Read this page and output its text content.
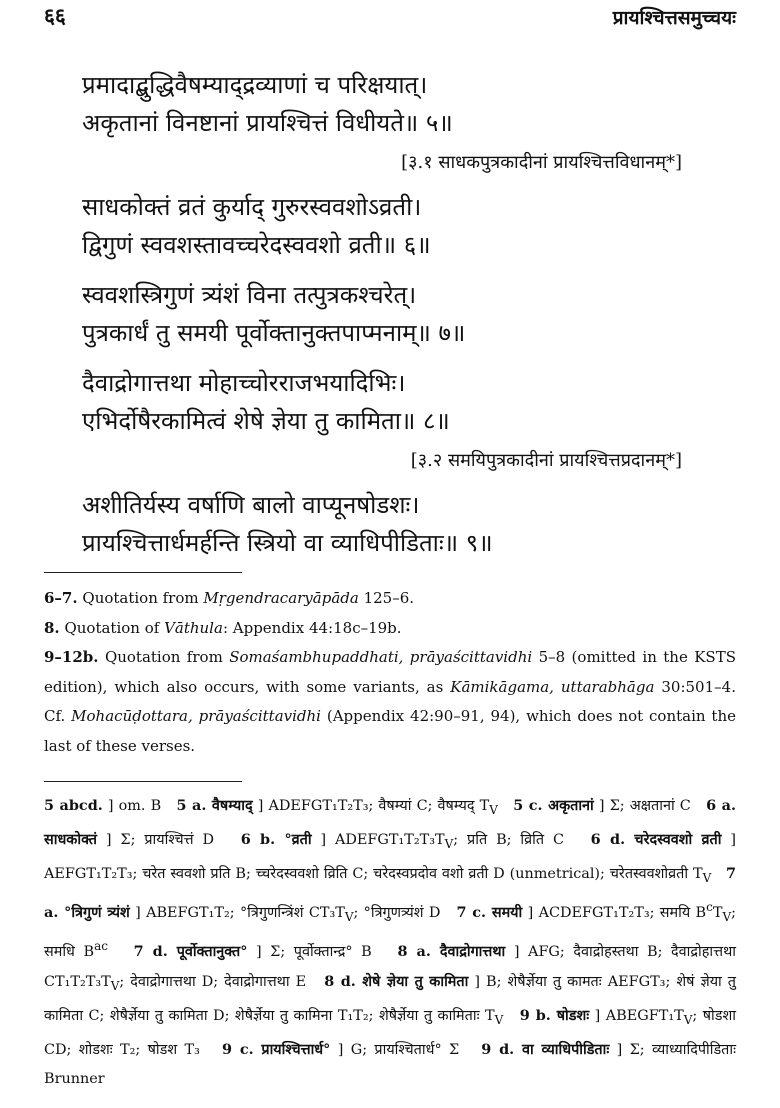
६६	प्रायश्चित्तसमुच्चयः
प्रमादाद्बुद्धिवैषम्याद्द्रव्याणां च परिक्षयात्।
अकृतानां विनष्टानां प्रायश्चित्तं विधीयते॥ ५॥
[३.१ साधकपुत्रकादीनां प्रायश्चित्तविधानम्*]
साधकोक्तं व्रतं कुर्याद् गुरुरस्ववशोऽव्रती।
द्विगुणं स्ववशस्तावच्चरेदस्ववशो व्रती॥ ६॥
स्ववशस्त्रिगुणं त्र्यंशं विना तत्पुत्रकश्चरेत्।
पुत्रकार्धं तु समयी पूर्वोक्तानुक्तपाप्मनाम्॥ ७॥
दैवाद्रोगात्तथा मोहाच्चोरराजभयादिभिः।
एभिर्दोषैरकामित्वं शेषे ज्ञेया तु कामिता॥ ८॥
[३.२ समयिपुत्रकादीनां प्रायश्चित्तप्रदानम्*]
अशीतिर्यस्य वर्षाणि बालो वाप्यूनषोडशः।
प्रायश्चित्तार्धमर्हन्ति स्त्रियो वा व्याधिपीडिताः॥ ९॥
6–7. Quotation from Mṛgendracaryāpāda 125–6.
8. Quotation of Vāthula: Appendix 44:18c–19b.
9–12b. Quotation from Somaśambhupaddhati, prāyaścittavidhi 5–8 (omitted in the KSTS edition), which also occurs, with some variants, as Kāmikāgama, uttarabhāga 30:501–4. Cf. Mohacūḍottara, prāyaścittavidhi (Appendix 42:90–91, 94), which does not contain the last of these verses.

5 abcd. ] om. B 5 a. वैषम्याद् ] ADEFGT₁T₂T₃; वैषम्यां C; वैषम्यद् $T_V$ 5 c. अकृतानां ] Σ; अक्षतानां C 6 a. साधकोक्तं ] Σ; प्रायश्चित्तं D 6 b. °व्रती ] $ADEFGT_1T_2T_3T_V$; प्रति B; व्रिति C 6 d. चरेदस्ववशो व्रती ] AEFGT₁T₂T₃; चरेत स्ववशो प्रति B; च्चरेदस्ववशो व्रिति C; चरेदस्वप्रदोव वशो व्रती D (unmetrical); चरेतस्ववशोव्रती $T_V$ 7 a. °त्रिगुणं त्र्यंशं ] ABEFGT₁T₂; °त्रिगुणन्त्रिंशं $CT_3T_V$; °त्रिगुणत्र्यंशं D 7 c. समयी ] ACDEFGT₁T₂T₃; समयि $B^cT_V$; समधि $B^{ac}$ 7 d. पूर्वोक्तानुक्त° ] Σ; पूर्वोक्तान्द्र° B 8 a. दैवाद्रोगात्तथा ] AFG; दैवाद्रोहस्तथा B; दैवाद्रोहात्तथा $CT_1T_2T_3T_V$; देवाद्रोगात्तथा D; देवाद्रोगात्तथा E 8 d. शेषे ज्ञेया तु कामिता ] B; शेषैर्ज्ञेया तु कामतः AEFGT₃; शेषं ज्ञेया तु कामिता C; शेषैर्ज्ञेया तु कामिता D; शेषैर्ज्ञेया तु कामिना T₁T₂; शेषैर्ज्ञेया तु कामिताः $T_V$ 9 b. षोडशः ] $ABEGFT_1T_V$; षोडशा CD; शोडशः T₂; षोडश T₃ 9 c. प्रायश्चित्तार्ध° ] G; प्रायश्चितार्ध° Σ 9 d. वा व्याधिपीडिताः ] Σ; व्याध्यादिपीडिताः Brunner
